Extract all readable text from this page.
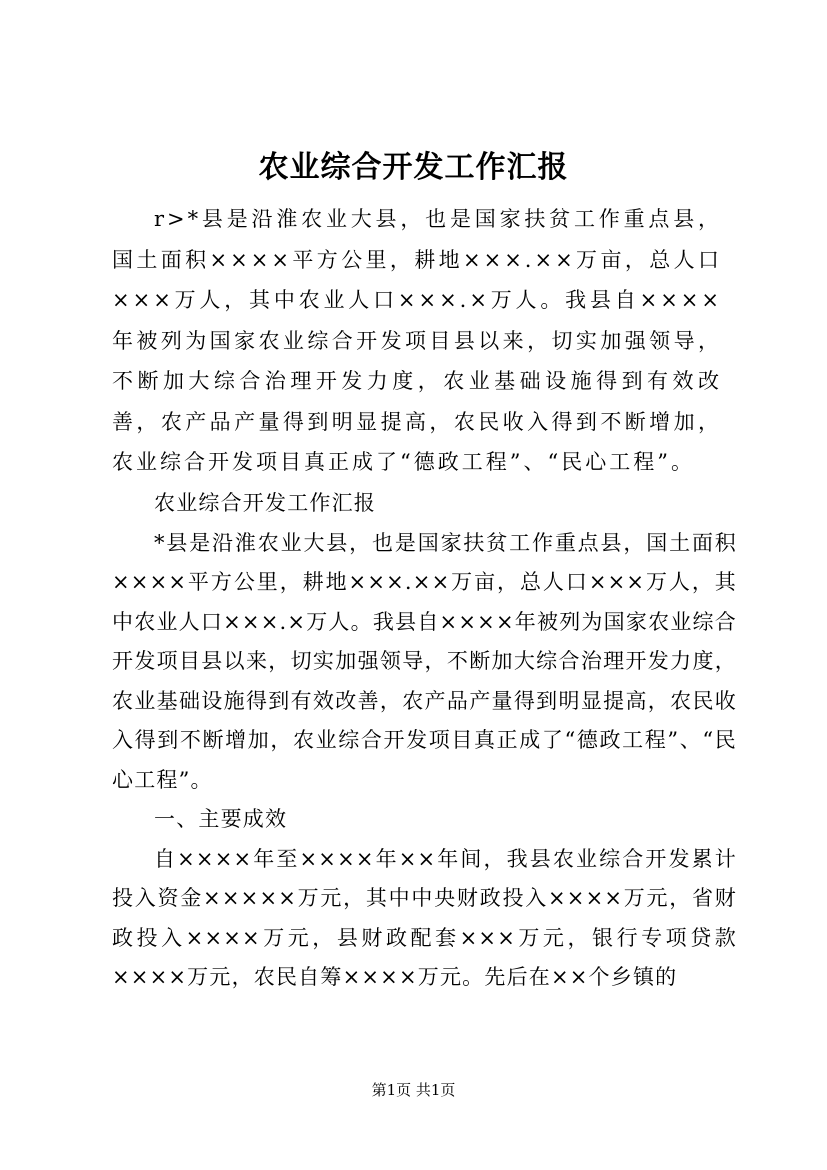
农业综合开发工作汇报

r>*县是沿淮农业大县，也是国家扶贫工作重点县，国土面积××××平方公里，耕地×××.××万亩，总人口×××万人，其中农业人口×××.×万人。我县自××××年被列为国家农业综合开发项目县以来，切实加强领导，不断加大综合治理开发力度，农业基础设施得到有效改善，农产品产量得到明显提高，农民收入得到不断增加，农业综合开发项目真正成了“德政工程”、“民心工程”。

农业综合开发工作汇报

*县是沿淮农业大县，也是国家扶贫工作重点县，国土面积××××平方公里，耕地×××.××万亩，总人口×××万人，其中农业人口×××.×万人。我县自××××年被列为国家农业综合开发项目县以来，切实加强领导，不断加大综合治理开发力度，农业基础设施得到有效改善，农产品产量得到明显提高，农民收入得到不断增加，农业综合开发项目真正成了“德政工程”、“民心工程”。

一、主要成效

自××××年至××××年××年间，我县农业综合开发累计投入资金×××××万元，其中中央财政投入××××万元，省财政投入××××万元，县财政配套×××万元，银行专项贷款××××万元，农民自筹××××万元。先后在××个乡镇的

第1页 共1页
